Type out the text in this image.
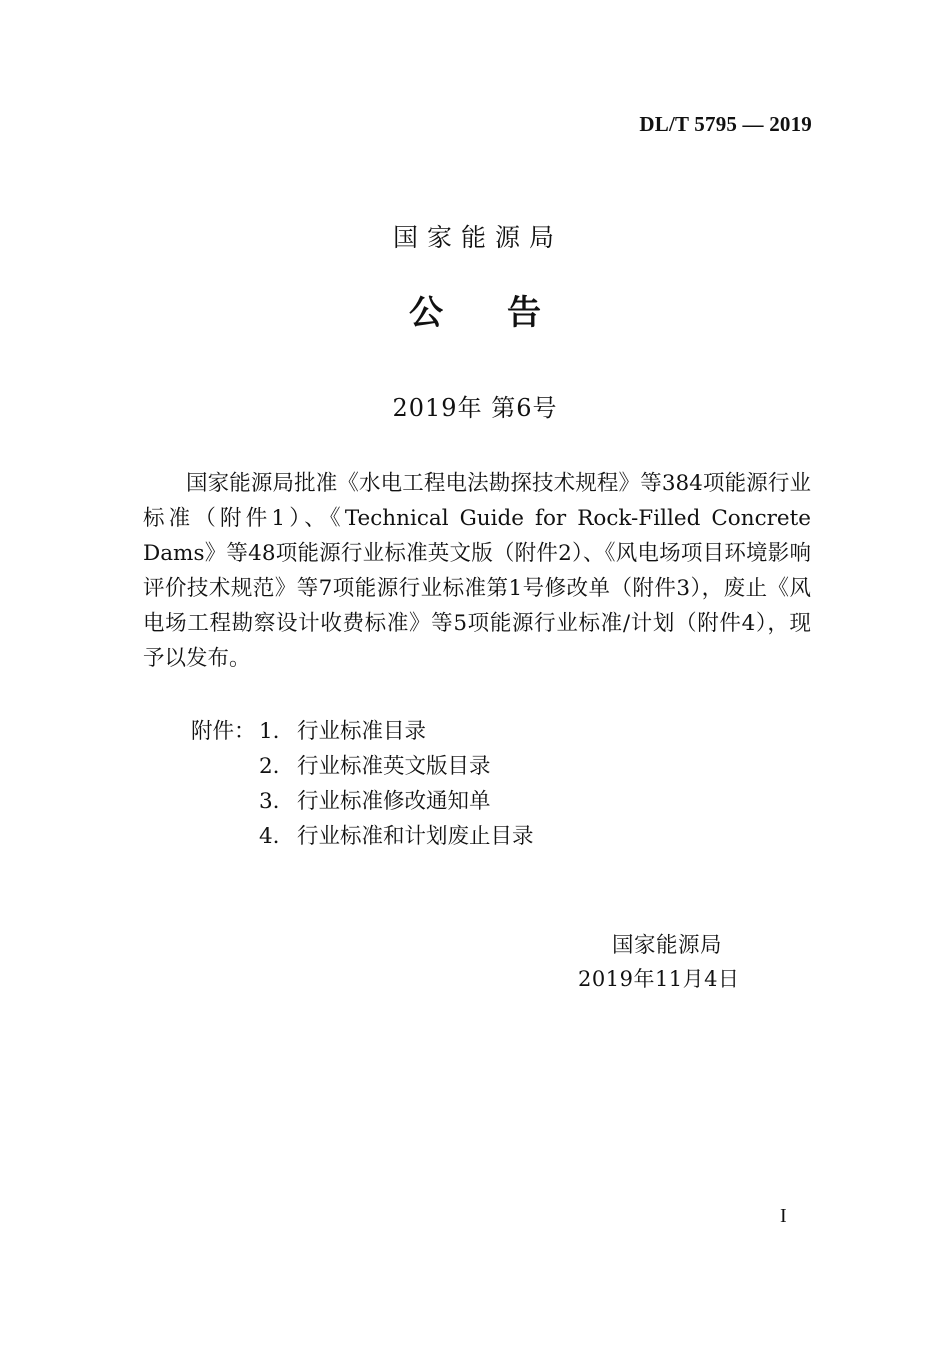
DL/T 5795 — 2019
国家能源局
公告
2019年 第6号
国家能源局批准《水电工程电法勘探技术规程》等384项能源行业标准（附件1）、《Technical Guide for Rock-Filled Concrete Dams》等48项能源行业标准英文版（附件2）、《风电场项目环境影响评价技术规范》等7项能源行业标准第1号修改单（附件3），废止《风电场工程勘察设计收费标准》等5项能源行业标准/计划（附件4），现予以发布。
附件： 1. 行业标准目录
2. 行业标准英文版目录
3. 行业标准修改通知单
4. 行业标准和计划废止目录
国家能源局
2019年11月4日
I
